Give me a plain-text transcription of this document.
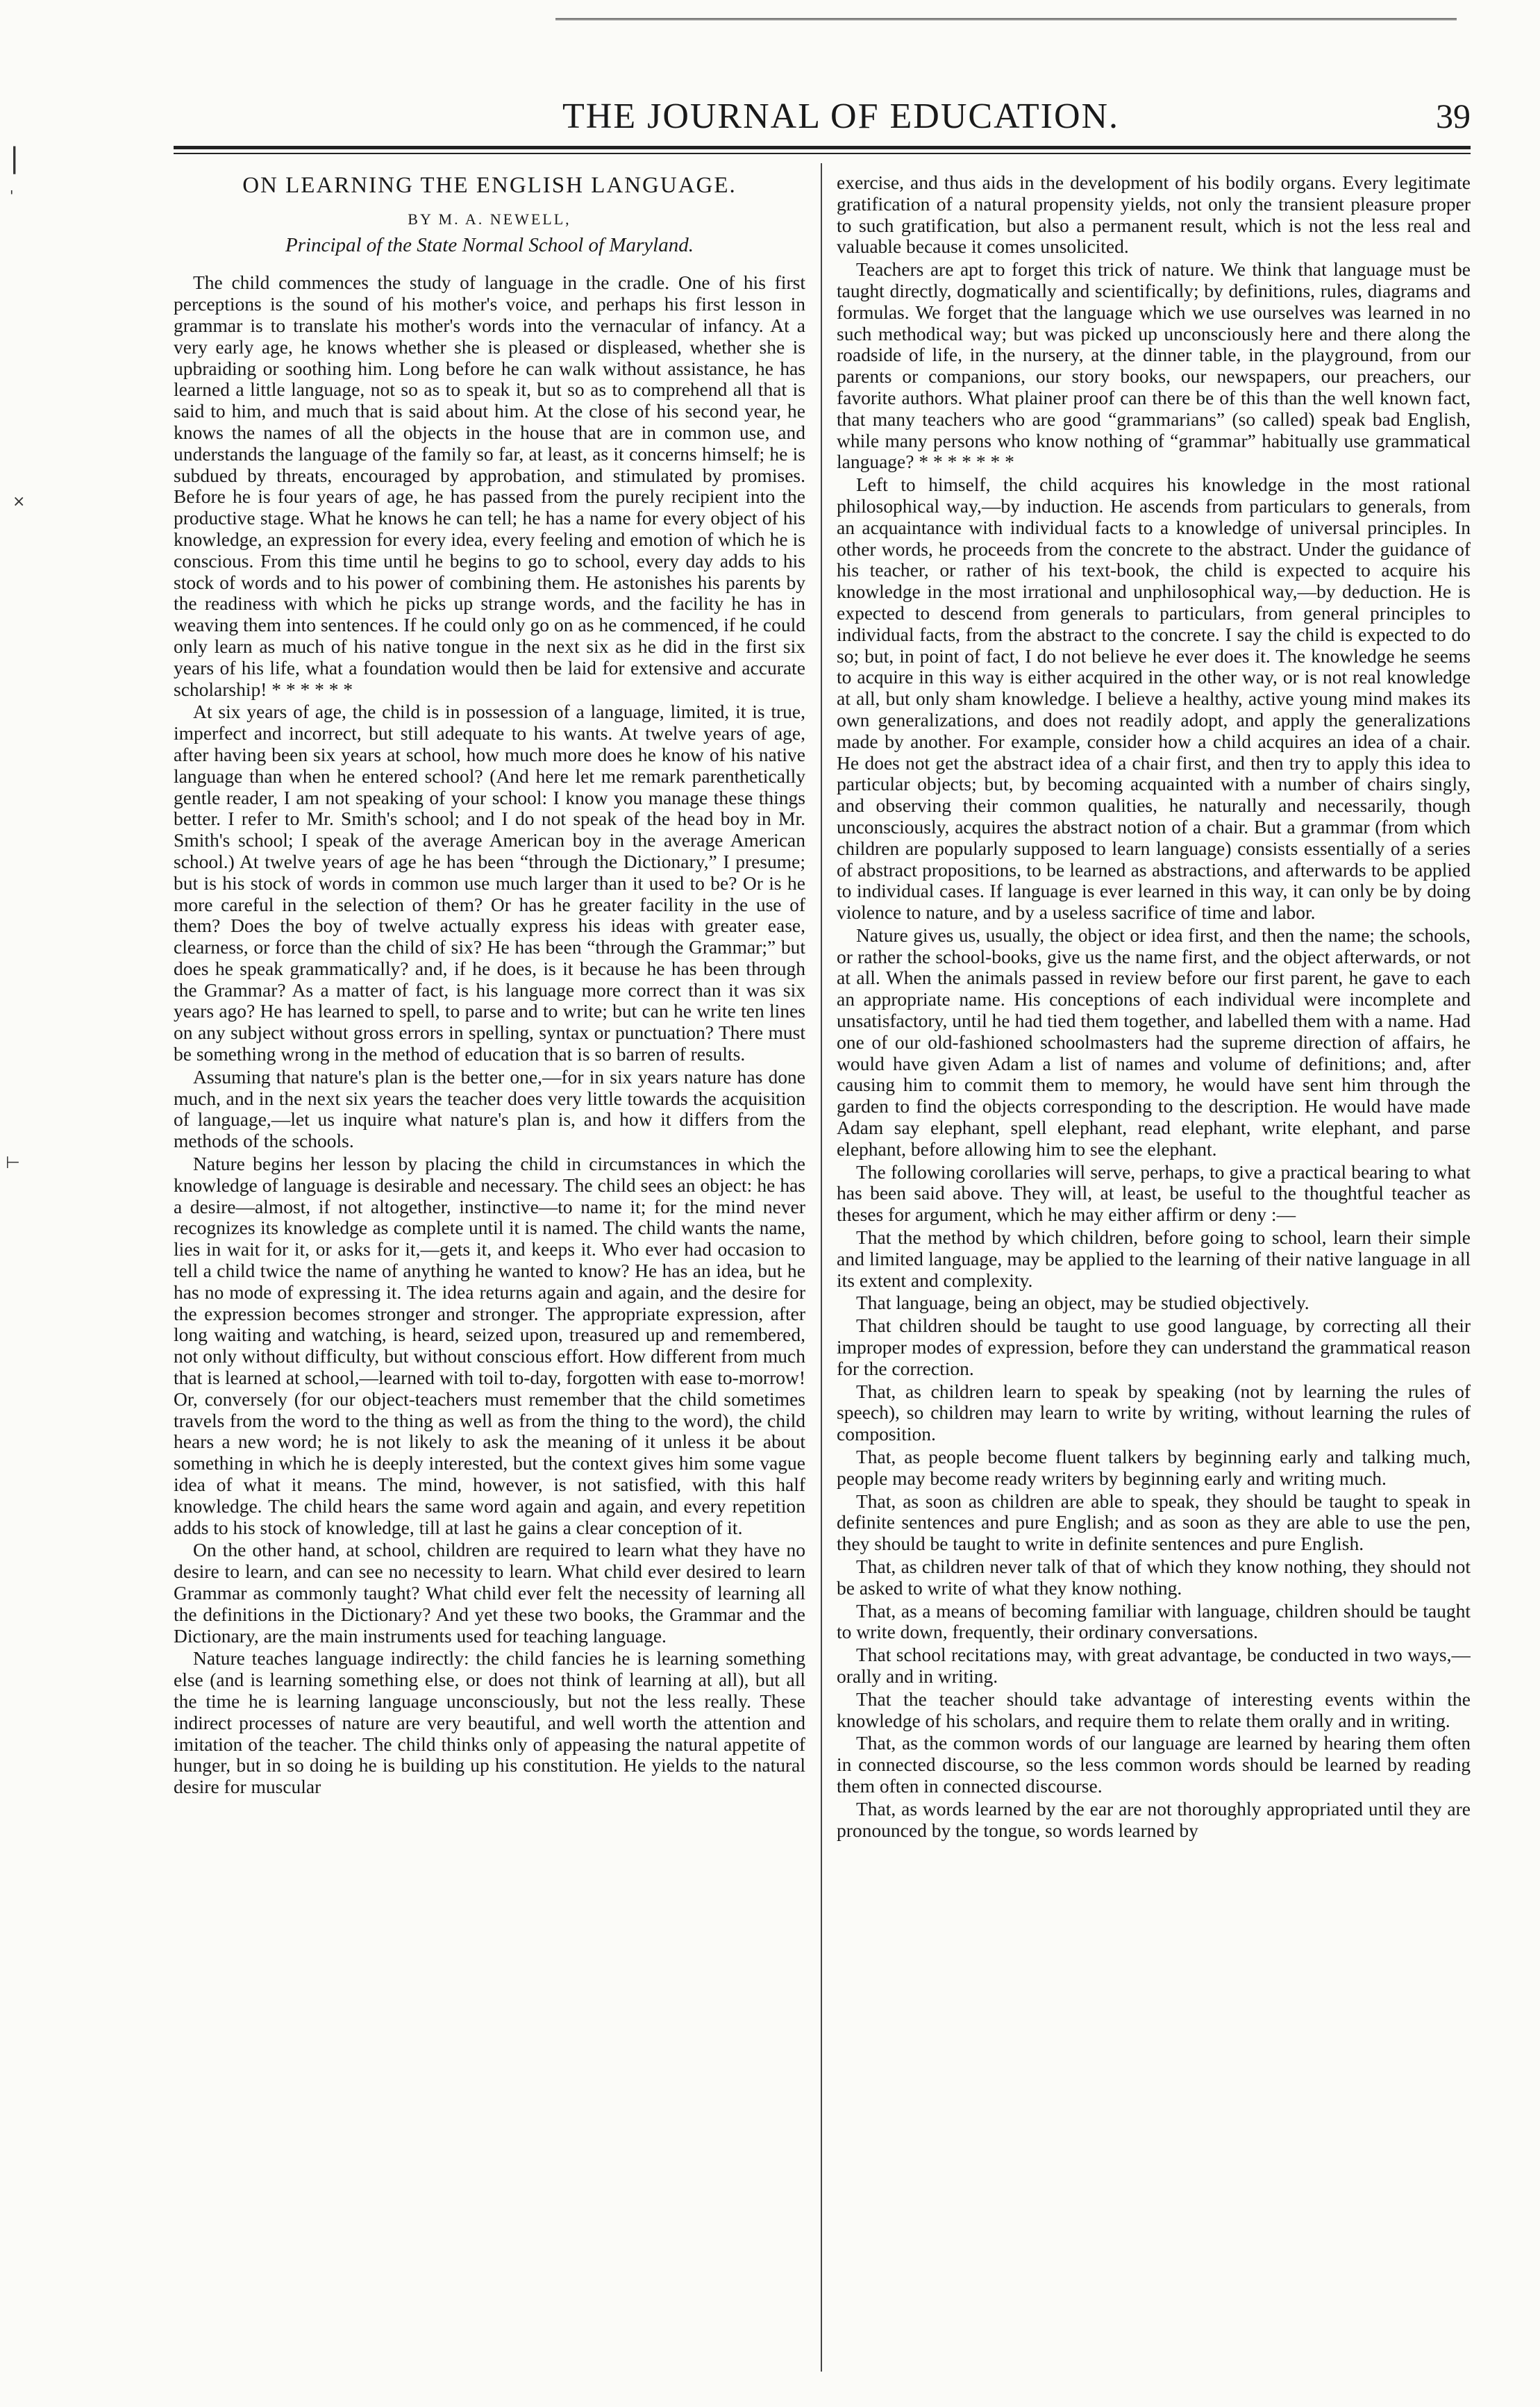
|
'
×
⊢
THE JOURNAL OF EDUCATION.	39
ON LEARNING THE ENGLISH LANGUAGE.
BY M. A. NEWELL,
Principal of the State Normal School of Maryland.

The child commences the study of language in the cradle. One of his first perceptions is the sound of his mother's voice, and perhaps his first lesson in grammar is to translate his mother's words into the vernacular of infancy. At a very early age, he knows whether she is pleased or displeased, whether she is upbraiding or soothing him. Long before he can walk without assistance, he has learned a little language, not so as to speak it, but so as to comprehend all that is said to him, and much that is said about him. At the close of his second year, he knows the names of all the objects in the house that are in common use, and understands the language of the family so far, at least, as it concerns himself; he is subdued by threats, encouraged by approbation, and stimulated by promises. Before he is four years of age, he has passed from the purely recipient into the productive stage. What he knows he can tell; he has a name for every object of his knowledge, an expression for every idea, every feeling and emotion of which he is conscious. From this time until he begins to go to school, every day adds to his stock of words and to his power of combining them. He astonishes his parents by the readiness with which he picks up strange words, and the facility he has in weaving them into sentences. If he could only go on as he commenced, if he could only learn as much of his native tongue in the next six as he did in the first six years of his life, what a foundation would then be laid for extensive and accurate scholarship! * * * * * *

At six years of age, the child is in possession of a language, limited, it is true, imperfect and incorrect, but still adequate to his wants. At twelve years of age, after having been six years at school, how much more does he know of his native language than when he entered school? (And here let me remark parenthetically gentle reader, I am not speaking of your school: I know you manage these things better. I refer to Mr. Smith's school; and I do not speak of the head boy in Mr. Smith's school; I speak of the average American boy in the average American school.) At twelve years of age he has been “through the Dictionary,” I presume; but is his stock of words in common use much larger than it used to be? Or is he more careful in the selection of them? Or has he greater facility in the use of them? Does the boy of twelve actually express his ideas with greater ease, clearness, or force than the child of six? He has been “through the Grammar;” but does he speak grammatically? and, if he does, is it because he has been through the Grammar? As a matter of fact, is his language more correct than it was six years ago? He has learned to spell, to parse and to write; but can he write ten lines on any subject without gross errors in spelling, syntax or punctuation? There must be something wrong in the method of education that is so barren of results.

Assuming that nature's plan is the better one,—for in six years nature has done much, and in the next six years the teacher does very little towards the acquisition of language,—let us inquire what nature's plan is, and how it differs from the methods of the schools.

Nature begins her lesson by placing the child in circumstances in which the knowledge of language is desirable and necessary. The child sees an object: he has a desire—almost, if not altogether, instinctive—to name it; for the mind never recognizes its knowledge as complete until it is named. The child wants the name, lies in wait for it, or asks for it,—gets it, and keeps it. Who ever had occasion to tell a child twice the name of anything he wanted to know? He has an idea, but he has no mode of expressing it. The idea returns again and again, and the desire for the expression becomes stronger and stronger. The appropriate expression, after long waiting and watching, is heard, seized upon, treasured up and remembered, not only without difficulty, but without conscious effort. How different from much that is learned at school,—learned with toil to-day, forgotten with ease to-morrow! Or, conversely (for our object-teachers must remember that the child sometimes travels from the word to the thing as well as from the thing to the word), the child hears a new word; he is not likely to ask the meaning of it unless it be about something in which he is deeply interested, but the context gives him some vague idea of what it means. The mind, however, is not satisfied, with this half knowledge. The child hears the same word again and again, and every repetition adds to his stock of knowledge, till at last he gains a clear conception of it.

On the other hand, at school, children are required to learn what they have no desire to learn, and can see no necessity to learn. What child ever desired to learn Grammar as commonly taught? What child ever felt the necessity of learning all the definitions in the Dictionary? And yet these two books, the Grammar and the Dictionary, are the main instruments used for teaching language.

Nature teaches language indirectly: the child fancies he is learning something else (and is learning something else, or does not think of learning at all), but all the time he is learning language unconsciously, but not the less really. These indirect processes of nature are very beautiful, and well worth the attention and imitation of the teacher. The child thinks only of appeasing the natural appetite of hunger, but in so doing he is building up his constitution. He yields to the natural desire for muscular

exercise, and thus aids in the development of his bodily organs. Every legitimate gratification of a natural propensity yields, not only the transient pleasure proper to such gratification, but also a permanent result, which is not the less real and valuable because it comes unsolicited.

Teachers are apt to forget this trick of nature. We think that language must be taught directly, dogmatically and scientifically; by definitions, rules, diagrams and formulas. We forget that the language which we use ourselves was learned in no such methodical way; but was picked up unconsciously here and there along the roadside of life, in the nursery, at the dinner table, in the playground, from our parents or companions, our story books, our newspapers, our preachers, our favorite authors. What plainer proof can there be of this than the well known fact, that many teachers who are good “grammarians” (so called) speak bad English, while many persons who know nothing of “grammar” habitually use grammatical language? * * * * * * *

Left to himself, the child acquires his knowledge in the most rational philosophical way,—by induction. He ascends from particulars to generals, from an acquaintance with individual facts to a knowledge of universal principles. In other words, he proceeds from the concrete to the abstract. Under the guidance of his teacher, or rather of his text-book, the child is expected to acquire his knowledge in the most irrational and unphilosophical way,—by deduction. He is expected to descend from generals to particulars, from general principles to individual facts, from the abstract to the concrete. I say the child is expected to do so; but, in point of fact, I do not believe he ever does it. The knowledge he seems to acquire in this way is either acquired in the other way, or is not real knowledge at all, but only sham knowledge. I believe a healthy, active young mind makes its own generalizations, and does not readily adopt, and apply the generalizations made by another. For example, consider how a child acquires an idea of a chair. He does not get the abstract idea of a chair first, and then try to apply this idea to particular objects; but, by becoming acquainted with a number of chairs singly, and observing their common qualities, he naturally and necessarily, though unconsciously, acquires the abstract notion of a chair. But a grammar (from which children are popularly supposed to learn language) consists essentially of a series of abstract propositions, to be learned as abstractions, and afterwards to be applied to individual cases. If language is ever learned in this way, it can only be by doing violence to nature, and by a useless sacrifice of time and labor.

Nature gives us, usually, the object or idea first, and then the name; the schools, or rather the school-books, give us the name first, and the object afterwards, or not at all. When the animals passed in review before our first parent, he gave to each an appropriate name. His conceptions of each individual were incomplete and unsatisfactory, until he had tied them together, and labelled them with a name. Had one of our old-fashioned schoolmasters had the supreme direction of affairs, he would have given Adam a list of names and volume of definitions; and, after causing him to commit them to memory, he would have sent him through the garden to find the objects corresponding to the description. He would have made Adam say elephant, spell elephant, read elephant, write elephant, and parse elephant, before allowing him to see the elephant.

The following corollaries will serve, perhaps, to give a practical bearing to what has been said above. They will, at least, be useful to the thoughtful teacher as theses for argument, which he may either affirm or deny :—

That the method by which children, before going to school, learn their simple and limited language, may be applied to the learning of their native language in all its extent and complexity.

That language, being an object, may be studied objectively.

That children should be taught to use good language, by correcting all their improper modes of expression, before they can understand the grammatical reason for the correction.

That, as children learn to speak by speaking (not by learning the rules of speech), so children may learn to write by writing, without learning the rules of composition.

That, as people become fluent talkers by beginning early and talking much, people may become ready writers by beginning early and writing much.

That, as soon as children are able to speak, they should be taught to speak in definite sentences and pure English; and as soon as they are able to use the pen, they should be taught to write in definite sentences and pure English.

That, as children never talk of that of which they know nothing, they should not be asked to write of what they know nothing.

That, as a means of becoming familiar with language, children should be taught to write down, frequently, their ordinary conversations.

That school recitations may, with great advantage, be conducted in two ways,—orally and in writing.

That the teacher should take advantage of interesting events within the knowledge of his scholars, and require them to relate them orally and in writing.

That, as the common words of our language are learned by hearing them often in connected discourse, so the less common words should be learned by reading them often in connected discourse.

That, as words learned by the ear are not thoroughly appropriated until they are pronounced by the tongue, so words learned by
